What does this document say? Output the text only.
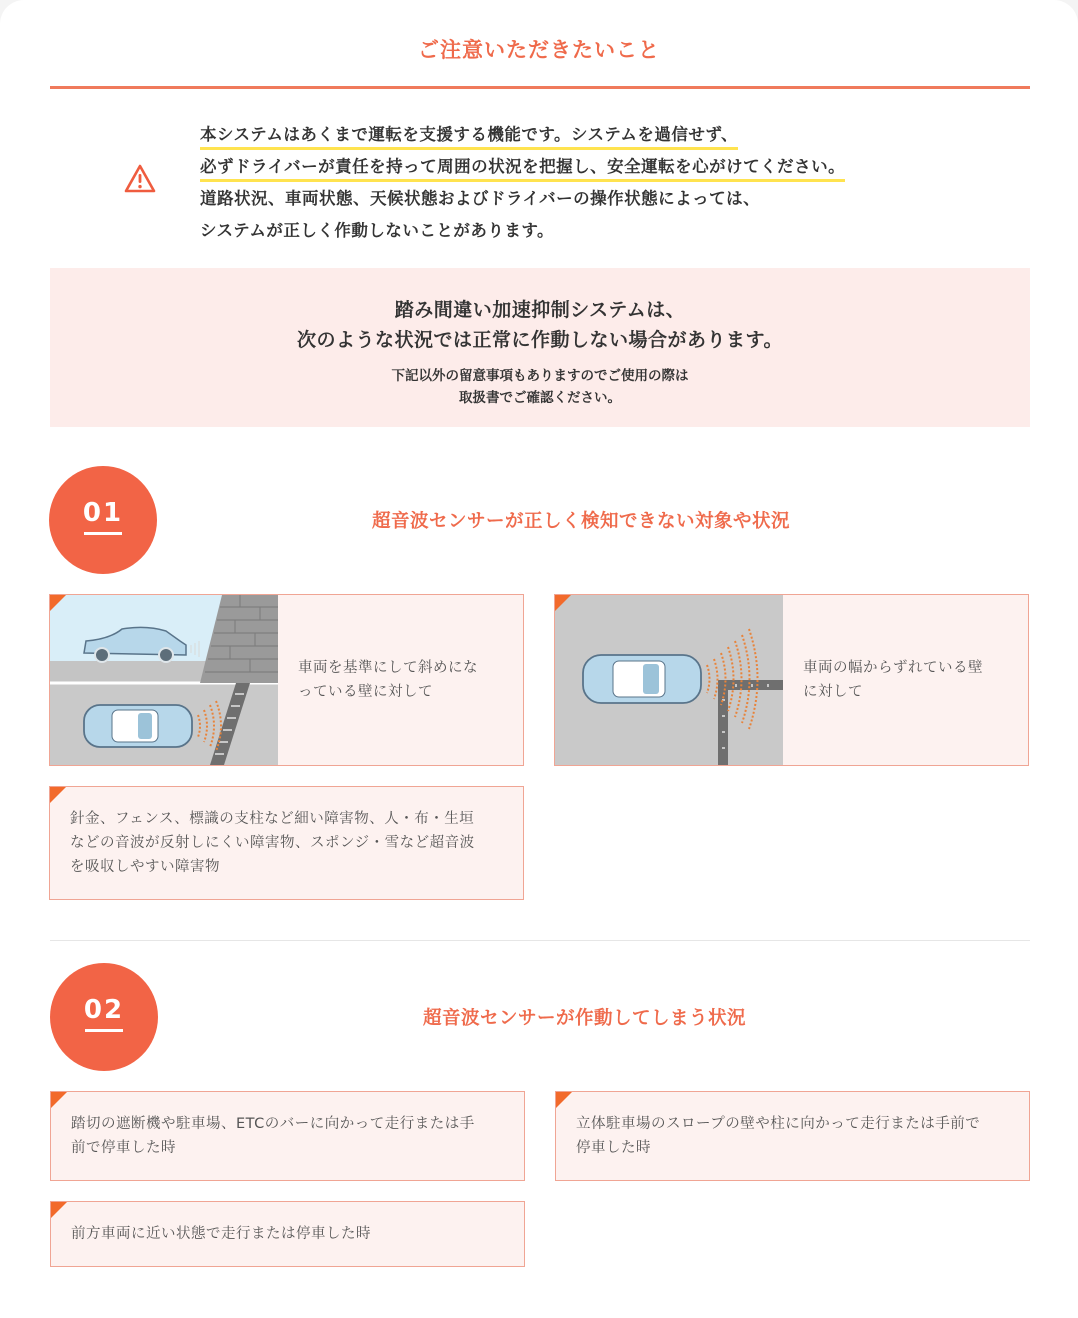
ご注意いただきたいこと
本システムはあくまで運転を支援する機能です。システムを過信せず、
必ずドライバーが責任を持って周囲の状況を把握し、安全運転を心がけてください。
道路状況、車両状態、天候状態およびドライバーの操作状態によっては、
システムが正しく作動しないことがあります。
踏み間違い加速抑制システムは、
次のような状況では正常に作動しない場合があります。
下記以外の留意事項もありますのでご使用の際は
取扱書でご確認ください。
01	超音波センサーが正しく検知できない対象や状況
車両を基準にして斜めにな
っている壁に対して
車両の幅からずれている壁
に対して
針金、フェンス、標識の支柱など細い障害物、人・布・生垣
などの音波が反射しにくい障害物、スポンジ・雪など超音波
を吸収しやすい障害物
02	超音波センサーが作動してしまう状況
踏切の遮断機や駐車場、ETCのバーに向かって走行または手
前で停車した時
立体駐車場のスロープの壁や柱に向かって走行または手前で
停車した時
前方車両に近い状態で走行または停車した時
